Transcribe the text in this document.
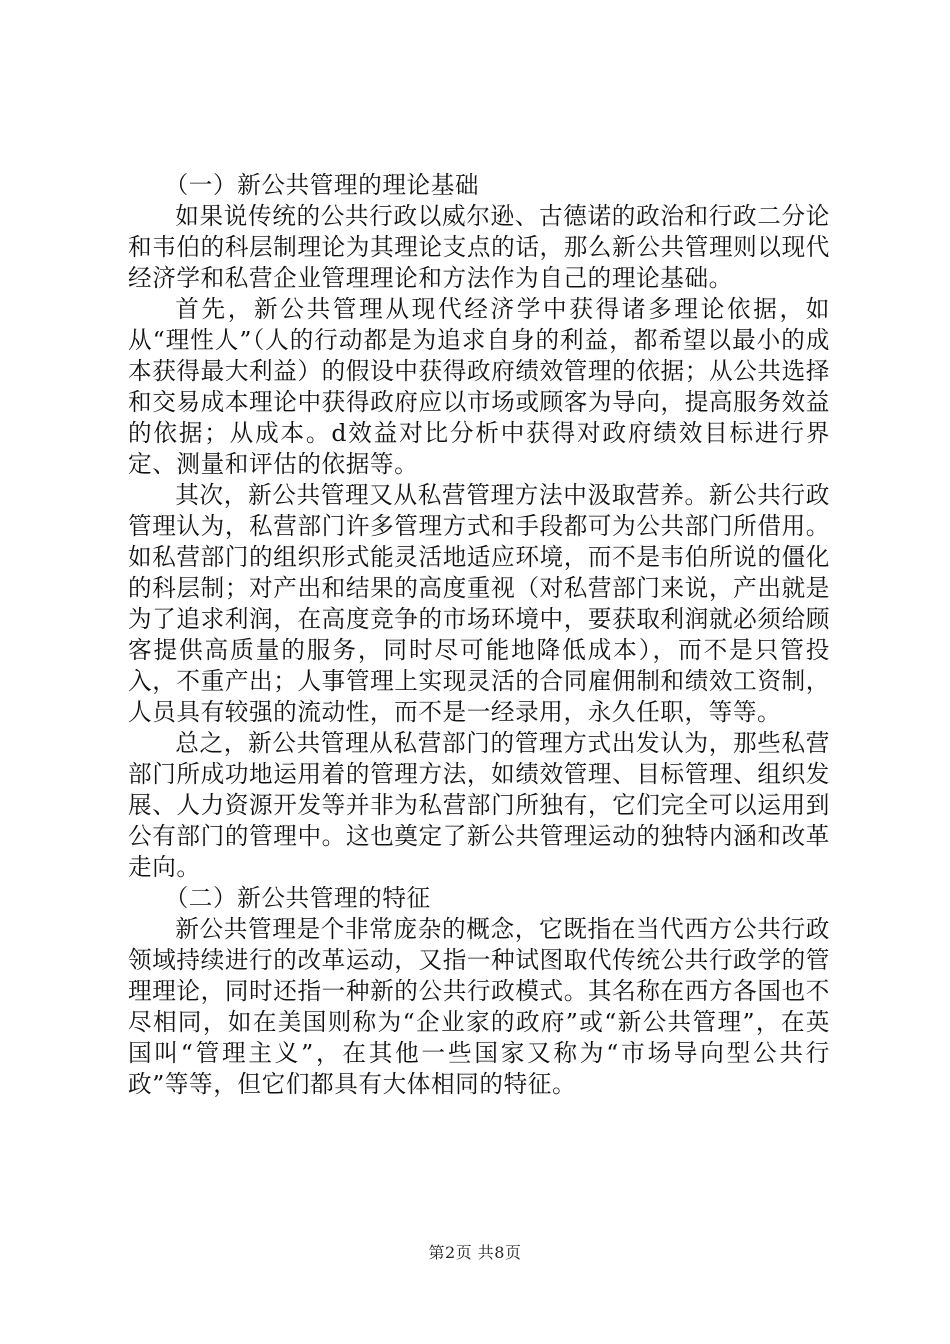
（一）新公共管理的理论基础

如果说传统的公共行政以威尔逊、古德诺的政治和行政二分论和韦伯的科层制理论为其理论支点的话，那么新公共管理则以现代经济学和私营企业管理理论和方法作为自己的理论基础。

首先，新公共管理从现代经济学中获得诸多理论依据，如从“理性人”（人的行动都是为追求自身的利益，都希望以最小的成本获得最大利益）的假设中获得政府绩效管理的依据；从公共选择和交易成本理论中获得政府应以市场或顾客为导向，提高服务效益的依据；从成本。d效益对比分析中获得对政府绩效目标进行界定、测量和评估的依据等。

其次，新公共管理又从私营管理方法中汲取营养。新公共行政管理认为，私营部门许多管理方式和手段都可为公共部门所借用。如私营部门的组织形式能灵活地适应环境，而不是韦伯所说的僵化的科层制；对产出和结果的高度重视（对私营部门来说，产出就是为了追求利润，在高度竞争的市场环境中，要获取利润就必须给顾客提供高质量的服务，同时尽可能地降低成本），而不是只管投入，不重产出；人事管理上实现灵活的合同雇佣制和绩效工资制，人员具有较强的流动性，而不是一经录用，永久任职，等等。

总之，新公共管理从私营部门的管理方式出发认为，那些私营部门所成功地运用着的管理方法，如绩效管理、目标管理、组织发展、人力资源开发等并非为私营部门所独有，它们完全可以运用到公有部门的管理中。这也奠定了新公共管理运动的独特内涵和改革走向。

（二）新公共管理的特征

新公共管理是个非常庞杂的概念，它既指在当代西方公共行政领域持续进行的改革运动，又指一种试图取代传统公共行政学的管理理论，同时还指一种新的公共行政模式。其名称在西方各国也不尽相同，如在美国则称为“企业家的政府”或“新公共管理”，在英国叫“管理主义”，在其他一些国家又称为“市场导向型公共行政”等等，但它们都具有大体相同的特征。

第2页 共8页
